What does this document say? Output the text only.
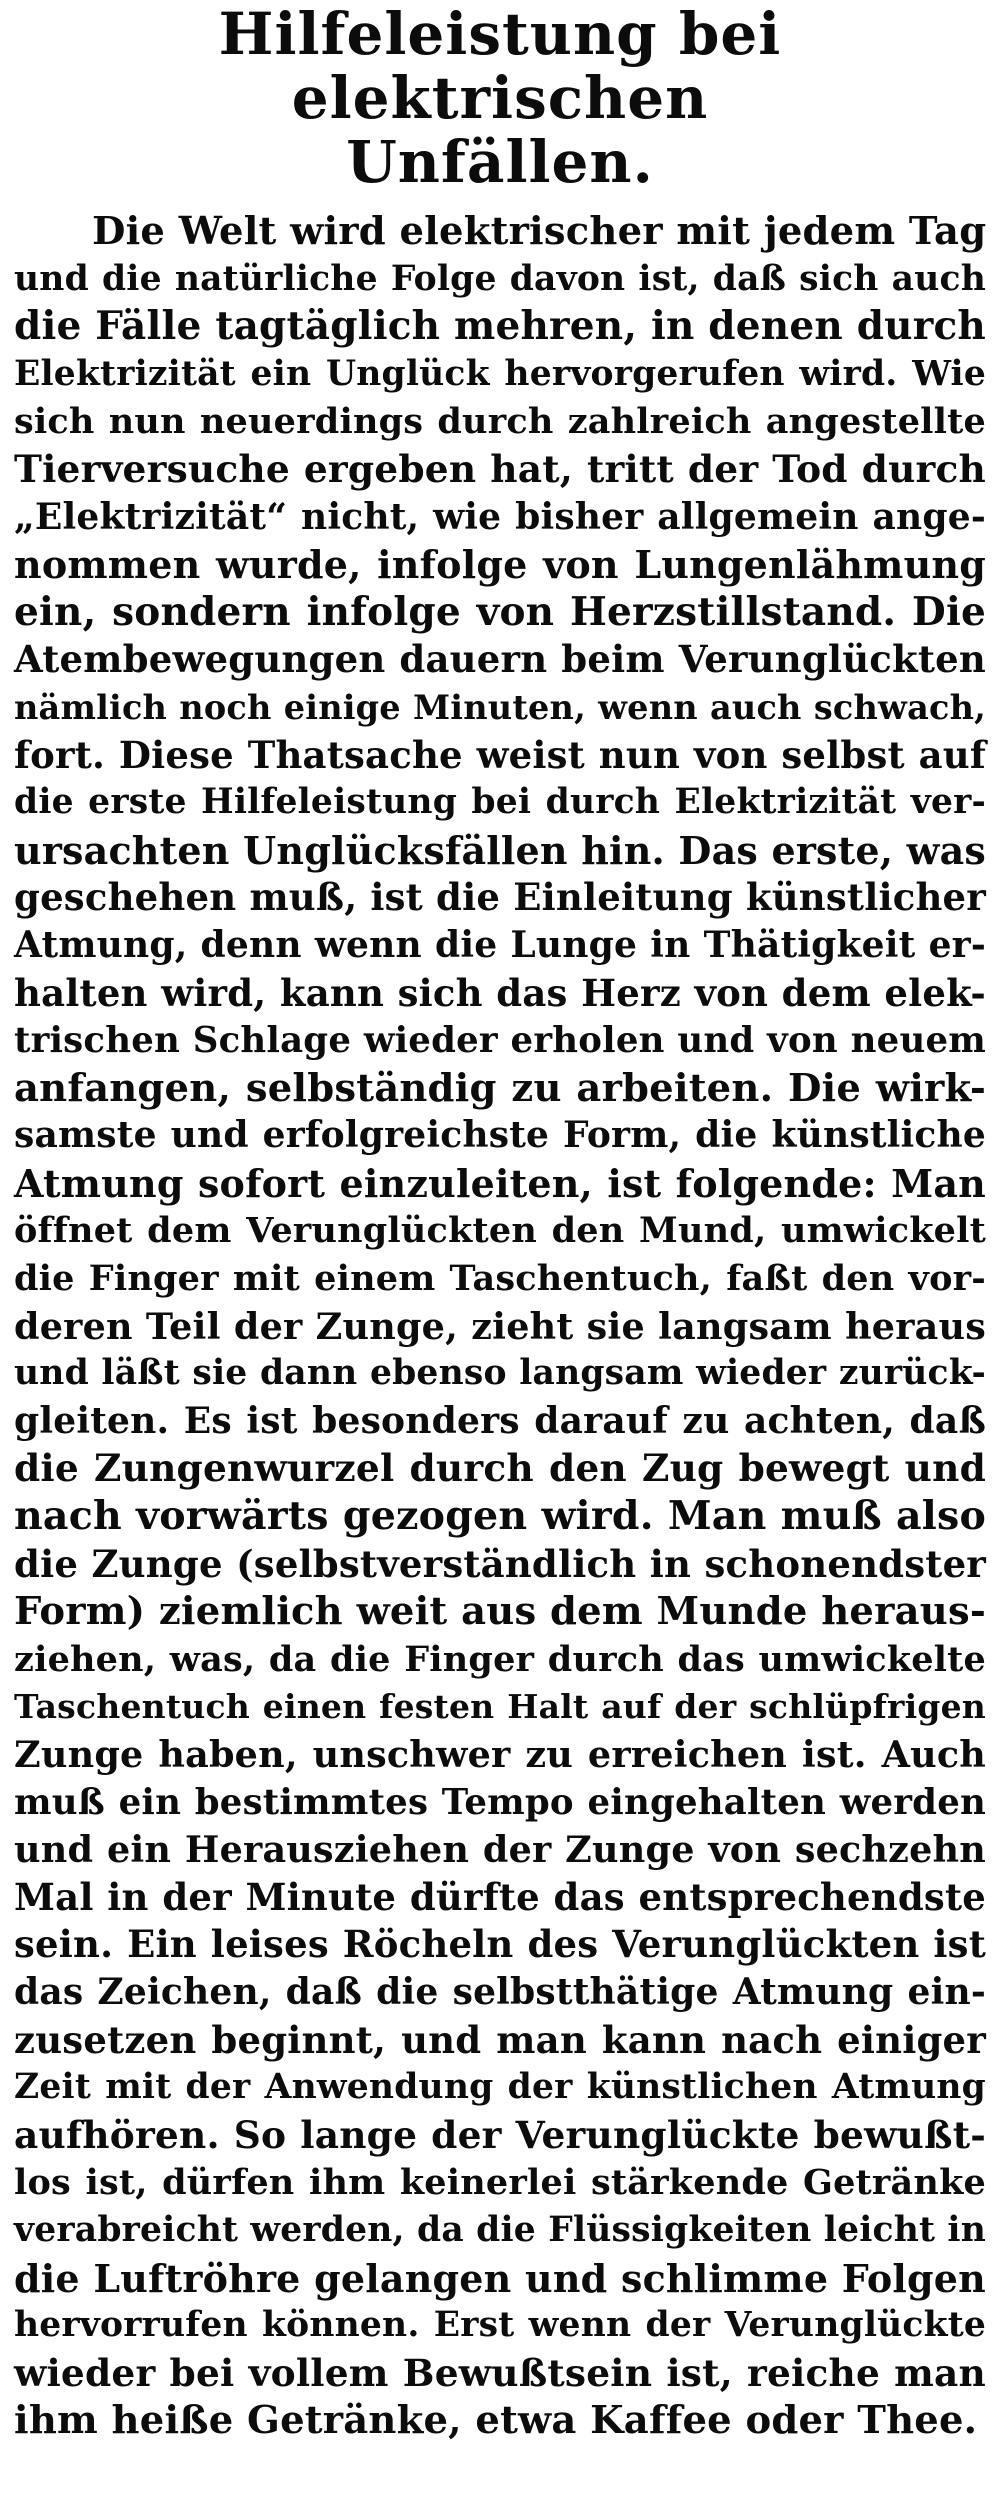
Hilfeleistung bei elektrischen
Unfällen.
Die Welt wird elektrischer mit jedem Tag
und die natürliche Folge davon ist, daß sich auch
die Fälle tagtäglich mehren, in denen durch
Elektrizität ein Unglück hervorgerufen wird. Wie
sich nun neuerdings durch zahlreich angestellte
Tierversuche ergeben hat, tritt der Tod durch
„Elektrizität“ nicht, wie bisher allgemein ange-
nommen wurde, infolge von Lungenlähmung
ein, sondern infolge von Herzstillstand. Die
Atembewegungen dauern beim Verunglückten
nämlich noch einige Minuten, wenn auch schwach,
fort. Diese Thatsache weist nun von selbst auf
die erste Hilfeleistung bei durch Elektrizität ver-
ursachten Unglücksfällen hin. Das erste, was
geschehen muß, ist die Einleitung künstlicher
Atmung, denn wenn die Lunge in Thätigkeit er-
halten wird, kann sich das Herz von dem elek-
trischen Schlage wieder erholen und von neuem
anfangen, selbständig zu arbeiten. Die wirk-
samste und erfolgreichste Form, die künstliche
Atmung sofort einzuleiten, ist folgende: Man
öffnet dem Verunglückten den Mund, umwickelt
die Finger mit einem Taschentuch, faßt den vor-
deren Teil der Zunge, zieht sie langsam heraus
und läßt sie dann ebenso langsam wieder zurück-
gleiten. Es ist besonders darauf zu achten, daß
die Zungenwurzel durch den Zug bewegt und
nach vorwärts gezogen wird. Man muß also
die Zunge (selbstverständlich in schonendster
Form) ziemlich weit aus dem Munde heraus-
ziehen, was, da die Finger durch das umwickelte
Taschentuch einen festen Halt auf der schlüpfrigen
Zunge haben, unschwer zu erreichen ist. Auch
muß ein bestimmtes Tempo eingehalten werden
und ein Herausziehen der Zunge von sechzehn
Mal in der Minute dürfte das entsprechendste
sein. Ein leises Röcheln des Verunglückten ist
das Zeichen, daß die selbstthätige Atmung ein-
zusetzen beginnt, und man kann nach einiger
Zeit mit der Anwendung der künstlichen Atmung
aufhören. So lange der Verunglückte bewußt-
los ist, dürfen ihm keinerlei stärkende Getränke
verabreicht werden, da die Flüssigkeiten leicht in
die Luftröhre gelangen und schlimme Folgen
hervorrufen können. Erst wenn der Verunglückte
wieder bei vollem Bewußtsein ist, reiche man
ihm heiße Getränke, etwa Kaffee oder Thee.
